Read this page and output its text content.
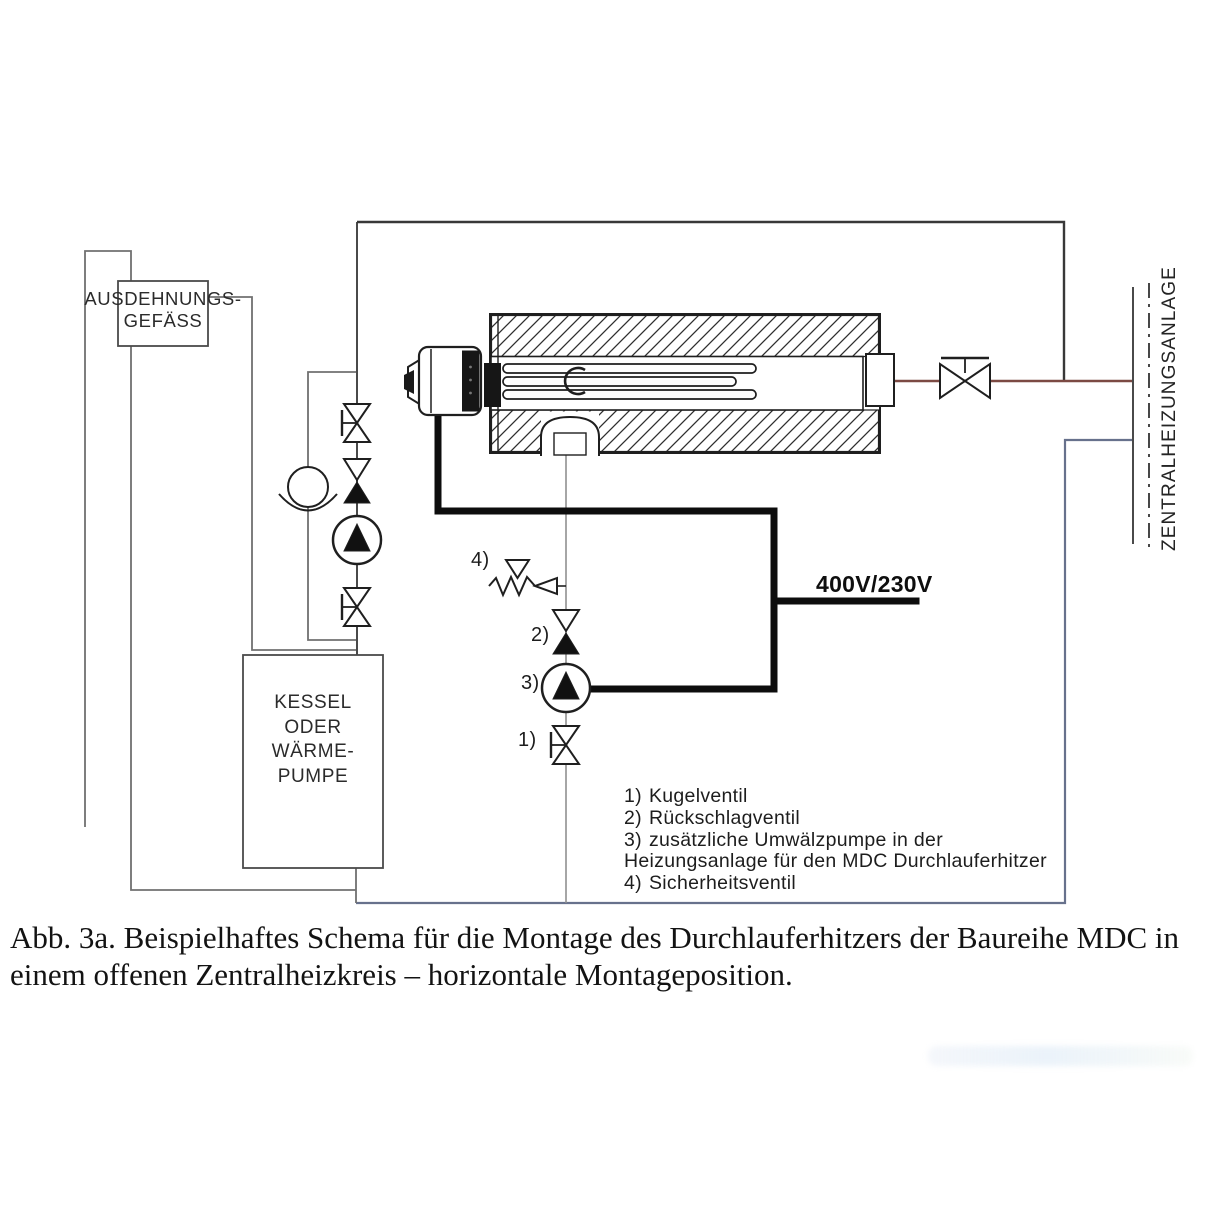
AUSDEHNUNGS-
GEFÄSS
KESSEL
ODER
WÄRME-
PUMPE
4)
2)
3)
1)
400V/230V
ZENTRALHEIZUNGSANLAGE
1) Kugelventil
2) Rückschlagventil
3) zusätzliche Umwälzpumpe in der Heizungsanlage für den MDC Durchlauferhitzer
4) Sicherheitsventil
Abb. 3a. Beispielhaftes Schema für die Montage des Durchlauferhitzers der Baureihe MDC in
einem offenen Zentralheizkreis – horizontale Montageposition.
